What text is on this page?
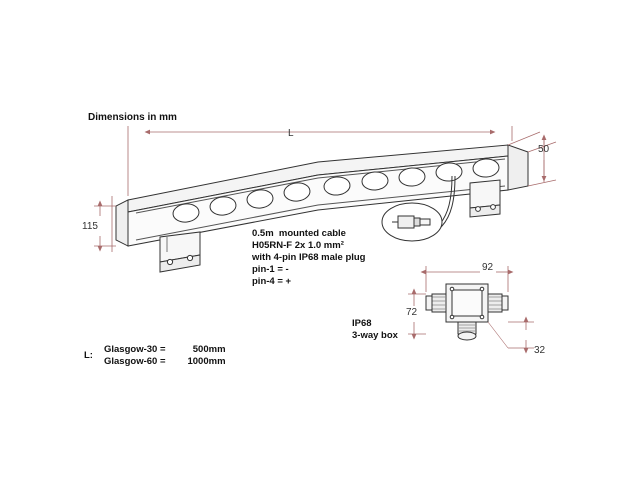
Dimensions in mm
L
50
115
0.5m  mounted cable
H05RN-F 2x 1.0 mm²
with 4-pin IP68 male plug
pin-1 = -
pin-4 = +
IP68
3-way box
92
72
32
L:
Glasgow-30 =	500mm
Glasgow-60 =	1000mm
